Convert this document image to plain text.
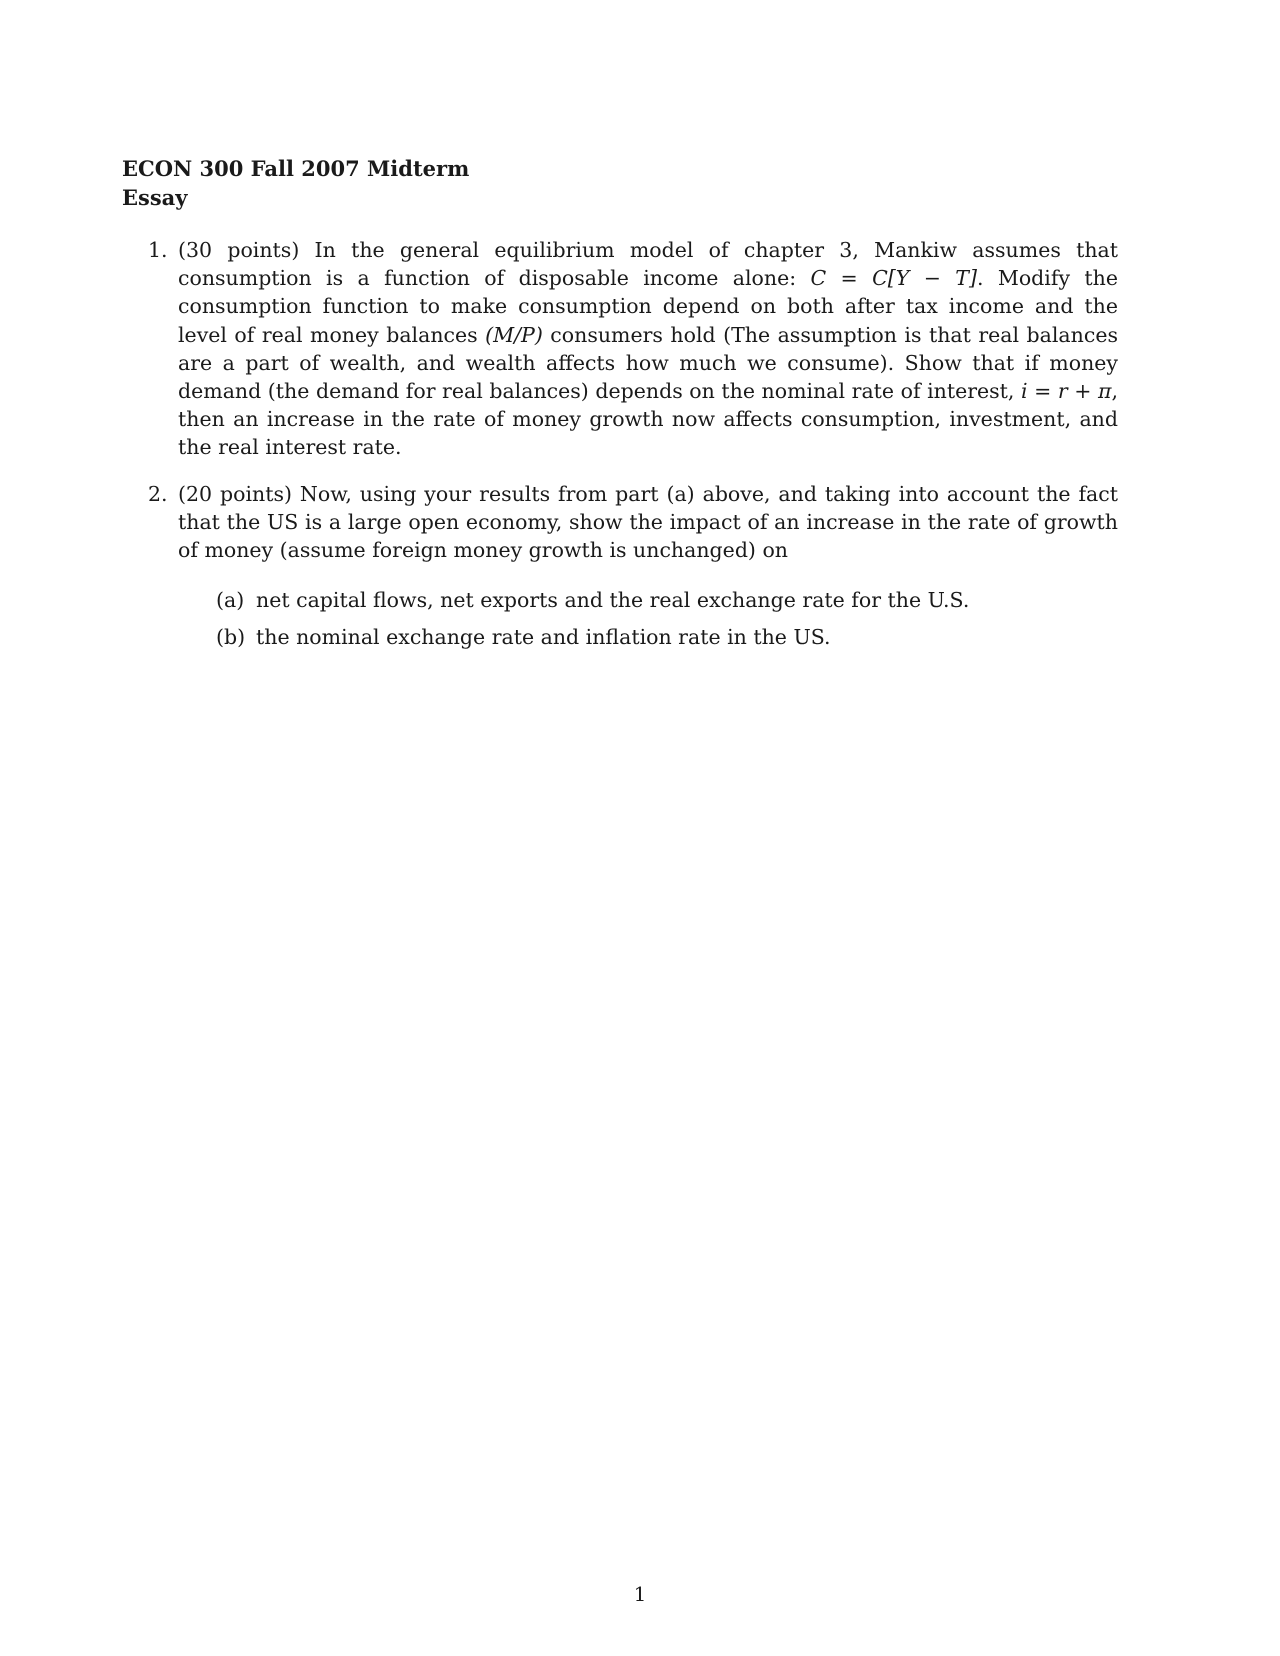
ECON 300 Fall 2007 Midterm
Essay
1. (30 points) In the general equilibrium model of chapter 3, Mankiw assumes that consumption is a function of disposable income alone: C = C[Y − T]. Modify the consumption function to make consumption depend on both after tax income and the level of real money balances (M/P) consumers hold (The assumption is that real balances are a part of wealth, and wealth affects how much we consume). Show that if money demand (the demand for real balances) depends on the nominal rate of interest, i = r + π, then an increase in the rate of money growth now affects consumption, investment, and the real interest rate.
2. (20 points) Now, using your results from part (a) above, and taking into account the fact that the US is a large open economy, show the impact of an increase in the rate of growth of money (assume foreign money growth is unchanged) on
(a) net capital flows, net exports and the real exchange rate for the U.S.
(b) the nominal exchange rate and inflation rate in the US.
1
